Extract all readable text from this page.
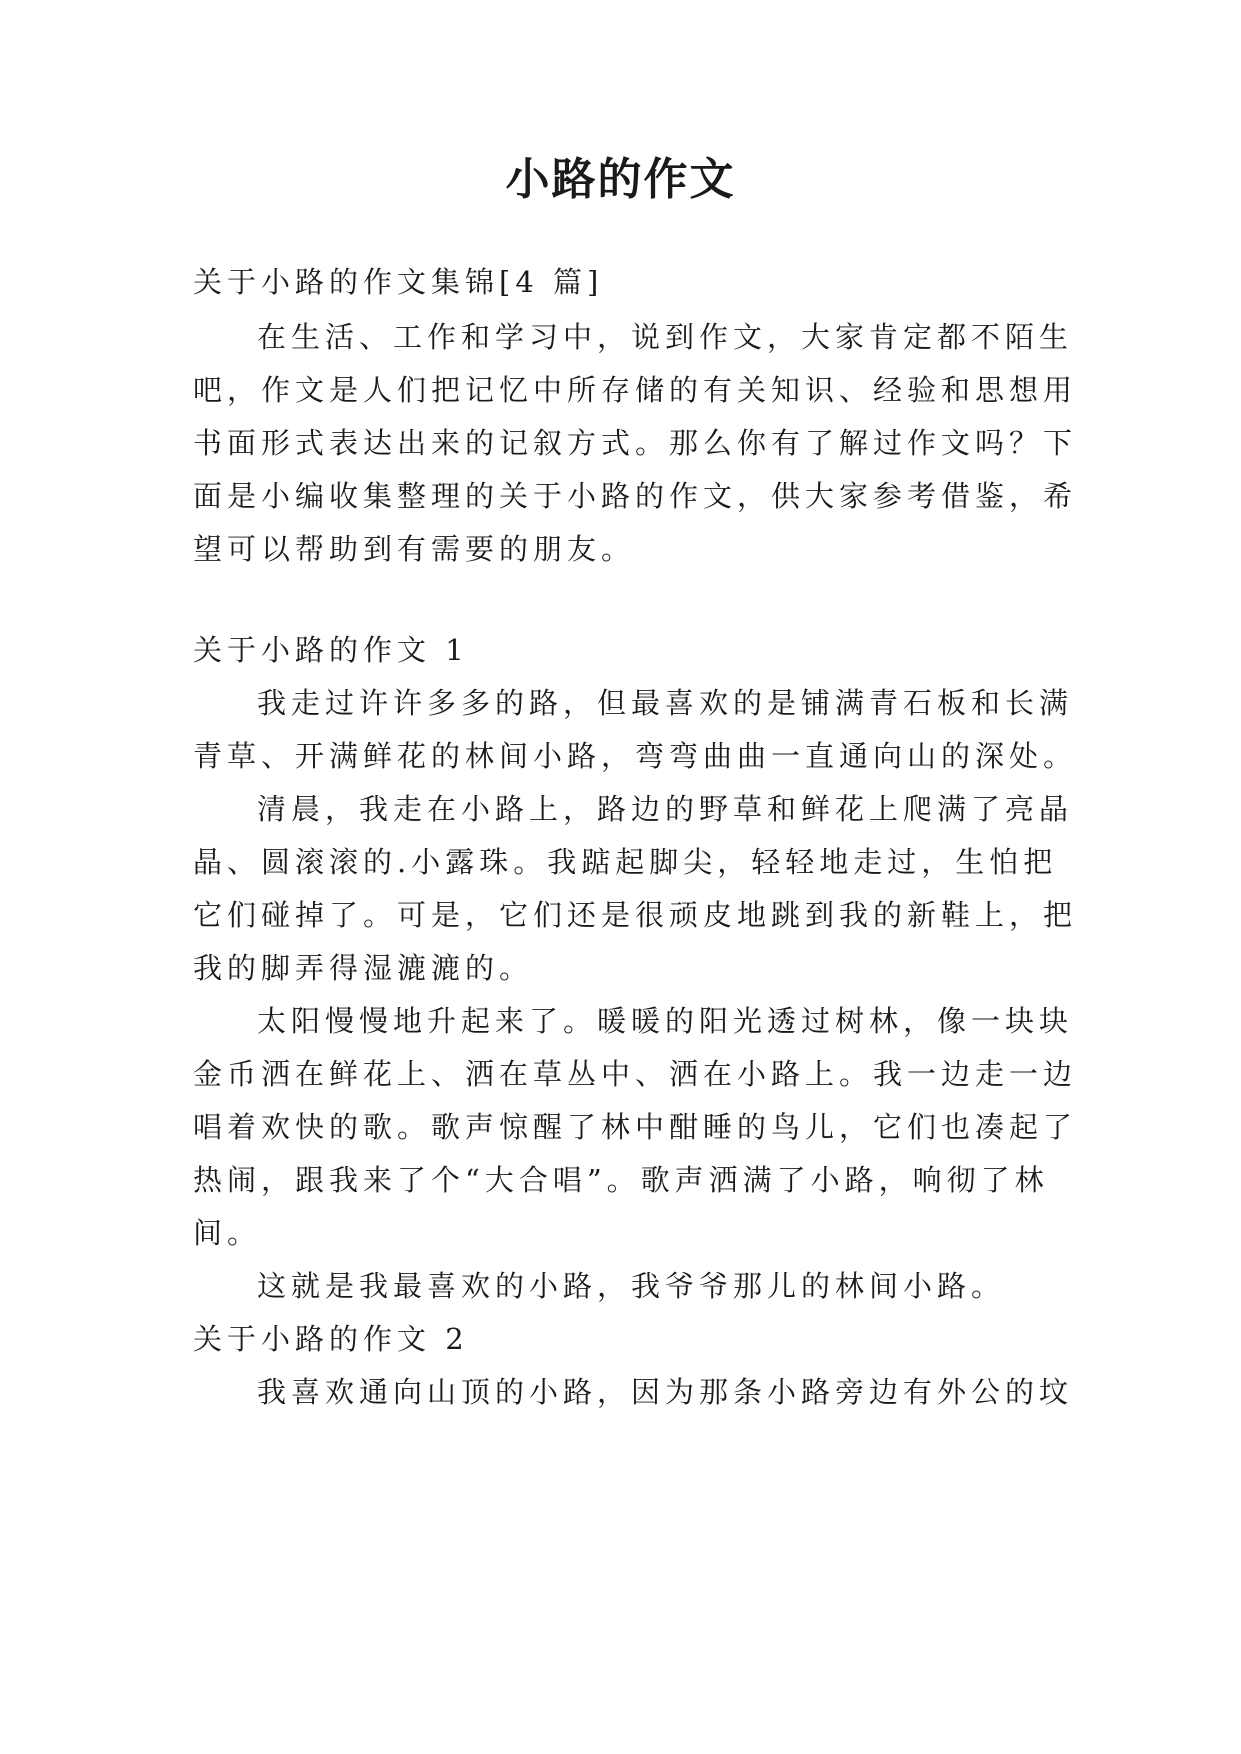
小路的作文
关于小路的作文集锦[4 篇]
在生活、工作和学习中，说到作文，大家肯定都不陌生
吧，作文是人们把记忆中所存储的有关知识、经验和思想用
书面形式表达出来的记叙方式。那么你有了解过作文吗？下
面是小编收集整理的关于小路的作文，供大家参考借鉴，希
望可以帮助到有需要的朋友。
关于小路的作文 1
我走过许许多多的路，但最喜欢的是铺满青石板和长满
青草、开满鲜花的林间小路，弯弯曲曲一直通向山的深处。
清晨，我走在小路上，路边的野草和鲜花上爬满了亮晶
晶、圆滚滚的.小露珠。我踮起脚尖，轻轻地走过，生怕把
它们碰掉了。可是，它们还是很顽皮地跳到我的新鞋上，把
我的脚弄得湿漉漉的。
太阳慢慢地升起来了。暖暖的阳光透过树林，像一块块
金币洒在鲜花上、洒在草丛中、洒在小路上。我一边走一边
唱着欢快的歌。歌声惊醒了林中酣睡的鸟儿，它们也凑起了
热闹，跟我来了个“大合唱”。歌声洒满了小路，响彻了林
间。
这就是我最喜欢的小路，我爷爷那儿的林间小路。
关于小路的作文 2
我喜欢通向山顶的小路，因为那条小路旁边有外公的坟
